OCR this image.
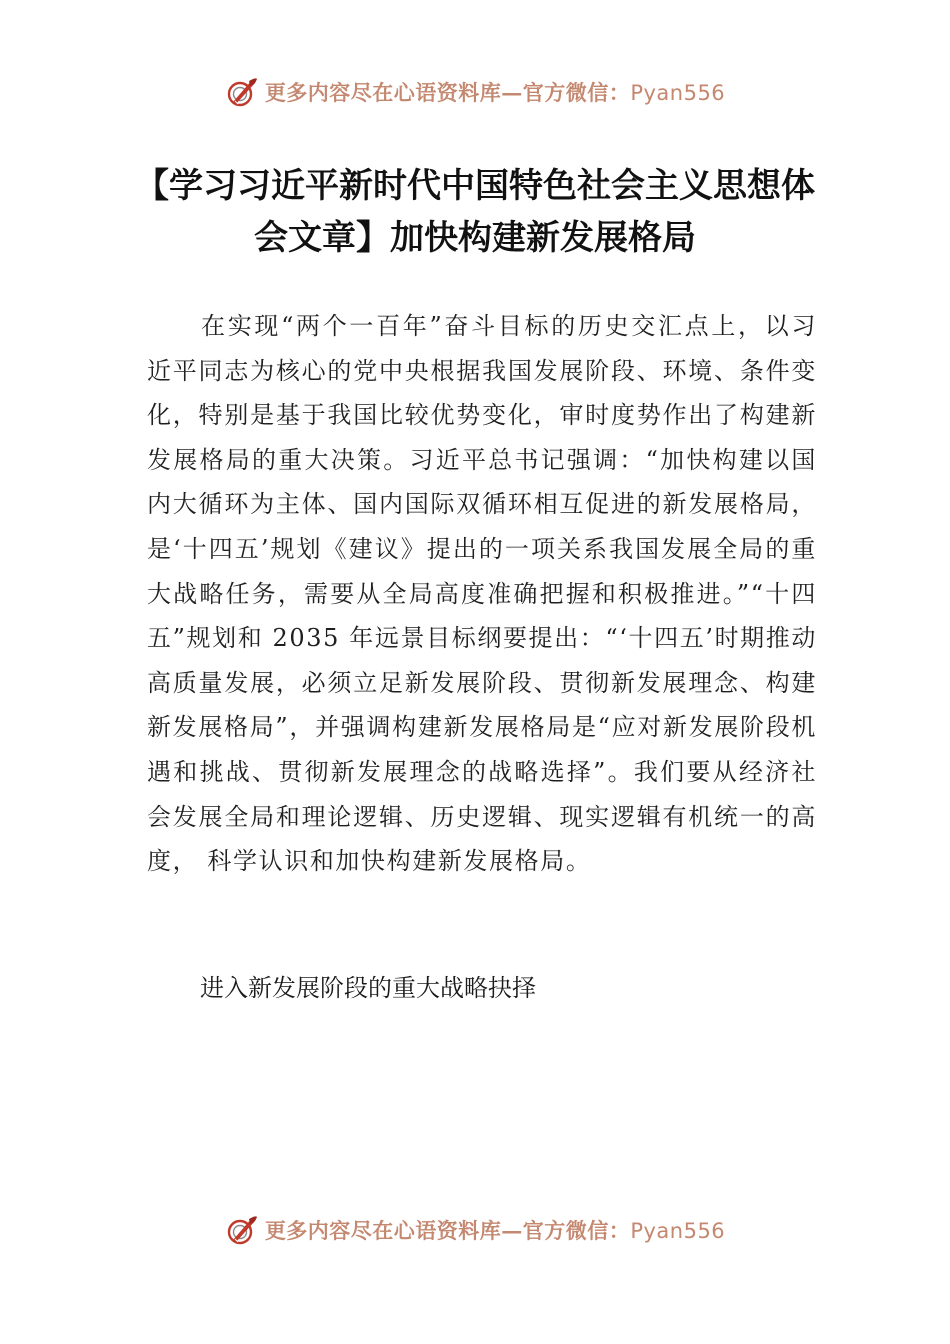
更多内容尽在心语资料库—官方微信：Pyan556
【学习习近平新时代中国特色社会主义思想体会文章】加快构建新发展格局

在实现“两个一百年”奋斗目标的历史交汇点上，以习近平同志为核心的党中央根据我国发展阶段、环境、条件变化，特别是基于我国比较优势变化，审时度势作出了构建新发展格局的重大决策。习近平总书记强调：“加快构建以国内大循环为主体、国内国际双循环相互促进的新发展格局，是‘十四五’规划《建议》提出的一项关系我国发展全局的重大战略任务，需要从全局高度准确把握和积极推进。”“十四五”规划和 2035 年远景目标纲要提出：“‘十四五’时期推动高质量发展，必须立足新发展阶段、贯彻新发展理念、构建新发展格局”，并强调构建新发展格局是“应对新发展阶段机遇和挑战、贯彻新发展理念的战略选择”。我们要从经济社会发展全局和理论逻辑、历史逻辑、现实逻辑有机统一的高度， 科学认识和加快构建新发展格局。

进入新发展阶段的重大战略抉择
更多内容尽在心语资料库—官方微信：Pyan556
